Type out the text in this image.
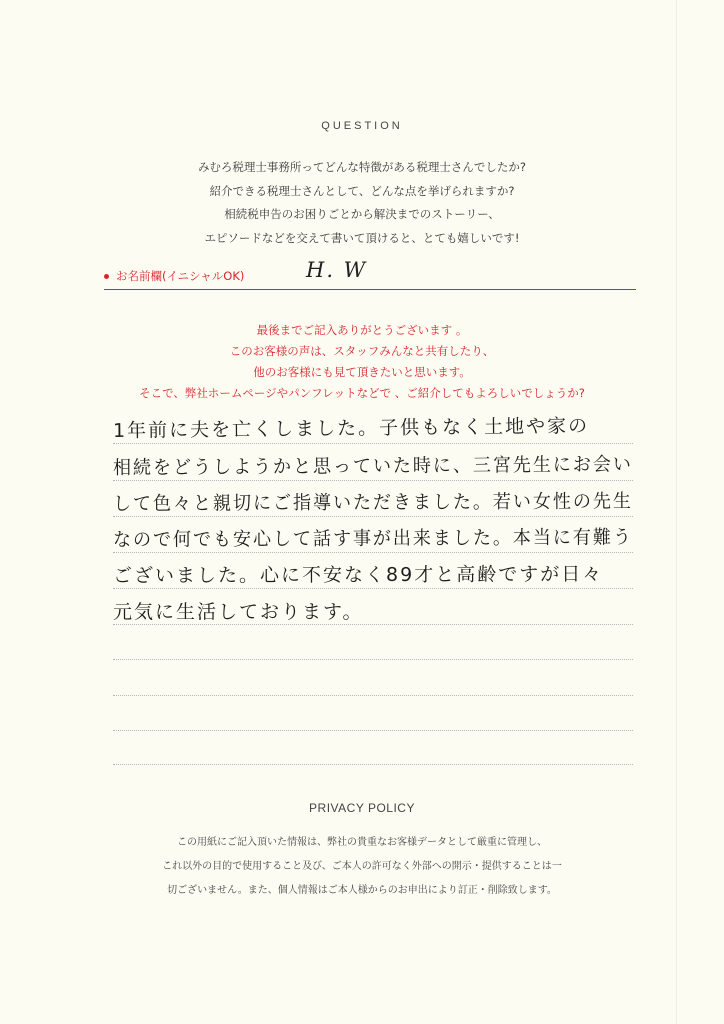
QUESTION
みむろ税理士事務所ってどんな特徴がある税理士さんでしたか?
紹介できる税理士さんとして、どんな点を挙げられますか?
相続税申告のお困りごとから解決までのストーリー、
エピソードなどを交えて書いて頂けると、とても嬉しいです!
お名前欄(イニシャルOK)	H. W
最後までご記入ありがとうございます 。
このお客様の声は、スタッフみんなと共有したり、
他のお客様にも見て頂きたいと思います。
そこで、弊社ホームページやパンフレットなどで 、ご紹介してもよろしいでしょうか?
1年前に夫を亡くしました。子供もなく土地や家の
相続をどうしようかと思っていた時に、三宮先生にお会い
して色々と親切にご指導いただきました。若い女性の先生
なので何でも安心して話す事が出来ました。本当に有難う
ございました。心に不安なく89才と高齢ですが日々
元気に生活しております。
PRIVACY POLICY
この用紙にご記入頂いた情報は、弊社の貴重なお客様データとして厳重に管理し、
これ以外の目的で使用すること及び、ご本人の許可なく外部への開示・提供することは一
切ございません。また、個人情報はご本人様からのお申出により訂正・削除致します。
